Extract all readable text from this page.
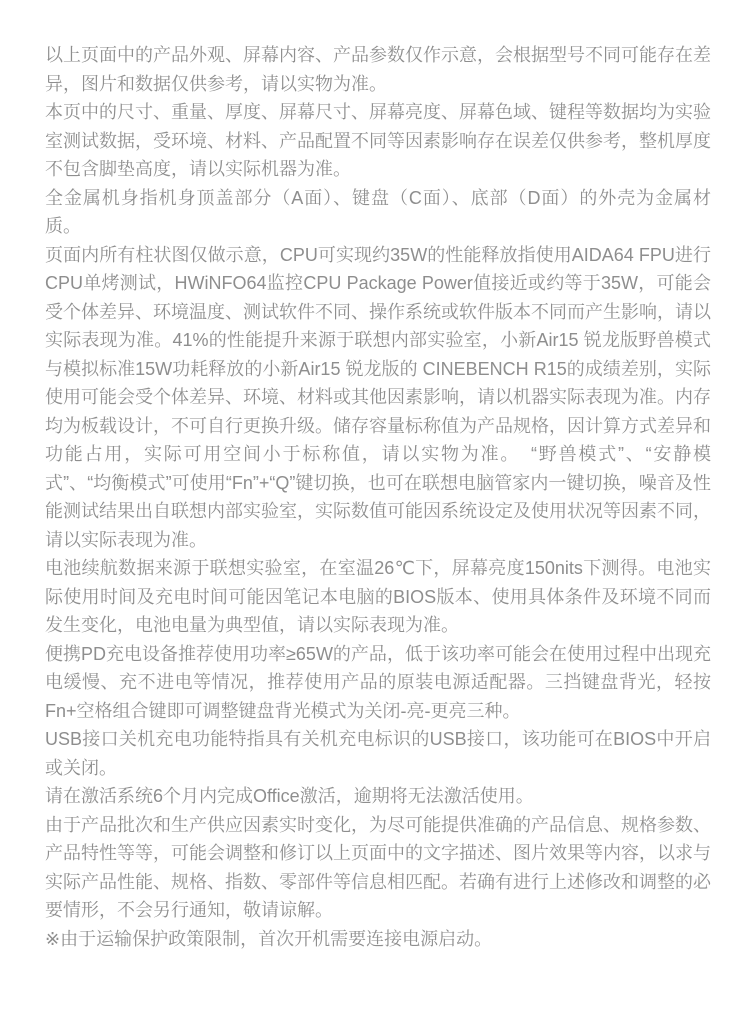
以上页面中的产品外观、屏幕内容、产品参数仅作示意，会根据型号不同可能存在差异，图片和数据仅供参考，请以实物为准。

本页中的尺寸、重量、厚度、屏幕尺寸、屏幕亮度、屏幕色域、键程等数据均为实验室测试数据，受环境、材料、产品配置不同等因素影响存在误差仅供参考，整机厚度不包含脚垫高度，请以实际机器为准。

全金属机身指机身顶盖部分（A面）、键盘（C面）、底部（D面）的外壳为金属材质。

页面内所有柱状图仅做示意，CPU可实现约35W的性能释放指使用AIDA64 FPU进行CPU单烤测试，HWiNFO64监控CPU Package Power值接近或约等于35W，可能会受个体差异、环境温度、测试软件不同、操作系统或软件版本不同而产生影响，请以实际表现为准。41%的性能提升来源于联想内部实验室，小新Air15 锐龙版野兽模式与模拟标准15W功耗释放的小新Air15 锐龙版的 CINEBENCH R15的成绩差别，实际使用可能会受个体差异、环境、材料或其他因素影响，请以机器实际表现为准。内存均为板载设计，不可自行更换升级。储存容量标称值为产品规格，因计算方式差异和功能占用，实际可用空间小于标称值，请以实物为准。　“野兽模式”、“安静模式”、“均衡模式”可使用“Fn”+“Q”键切换，也可在联想电脑管家内一键切换，噪音及性能测试结果出自联想内部实验室，实际数值可能因系统设定及使用状况等因素不同，请以实际表现为准。

电池续航数据来源于联想实验室，在室温26℃下，屏幕亮度150nits下测得。电池实际使用时间及充电时间可能因笔记本电脑的BIOS版本、使用具体条件及环境不同而发生变化，电池电量为典型值，请以实际表现为准。

便携PD充电设备推荐使用功率≥65W的产品，低于该功率可能会在使用过程中出现充电缓慢、充不进电等情况，推荐使用产品的原装电源适配器。三挡键盘背光，轻按Fn+空格组合键即可调整键盘背光模式为关闭-亮-更亮三种。

USB接口关机充电功能特指具有关机充电标识的USB接口，该功能可在BIOS中开启或关闭。

请在激活系统6个月内完成Office激活，逾期将无法激活使用。

由于产品批次和生产供应因素实时变化，为尽可能提供准确的产品信息、规格参数、产品特性等等，可能会调整和修订以上页面中的文字描述、图片效果等内容，以求与实际产品性能、规格、指数、零部件等信息相匹配。若确有进行上述修改和调整的必要情形，不会另行通知，敬请谅解。

※由于运输保护政策限制，首次开机需要连接电源启动。
